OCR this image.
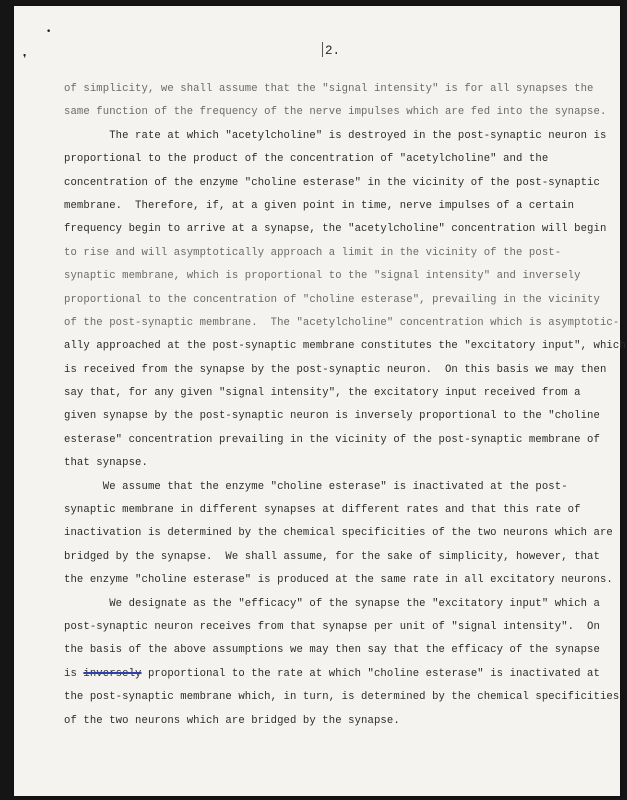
•
❜

2.

of simplicity, we shall assume that the "signal intensity" is for all synapses the
same function of the frequency of the nerve impulses which are fed into the synapse.
The rate at which "acetylcholine" is destroyed in the post-synaptic neuron is
proportional to the product of the concentration of "acetylcholine" and the
concentration of the enzyme "choline esterase" in the vicinity of the post-synaptic
membrane.  Therefore, if, at a given point in time, nerve impulses of a certain
frequency begin to arrive at a synapse, the "acetylcholine" concentration will begin
to rise and will asymptotically approach a limit in the vicinity of the post-
synaptic membrane, which is proportional to the "signal intensity" and inversely
proportional to the concentration of "choline esterase", prevailing in the vicinity
of the post-synaptic membrane.  The "acetylcholine" concentration which is asymptotic-
ally approached at the post-synaptic membrane constitutes the "excitatory input", which
is received from the synapse by the post-synaptic neuron.  On this basis we may then
say that, for any given "signal intensity", the excitatory input received from a
given synapse by the post-synaptic neuron is inversely proportional to the "choline
esterase" concentration prevailing in the vicinity of the post-synaptic membrane of
that synapse.
We assume that the enzyme "choline esterase" is inactivated at the post-
synaptic membrane in different synapses at different rates and that this rate of
inactivation is determined by the chemical specificities of the two neurons which are
bridged by the synapse.  We shall assume, for the sake of simplicity, however, that
the enzyme "choline esterase" is produced at the same rate in all excitatory neurons.
We designate as the "efficacy" of the synapse the "excitatory input" which a
post-synaptic neuron receives from that synapse per unit of "signal intensity".  On
the basis of the above assumptions we may then say that the efficacy of the synapse
is inversely proportional to the rate at which "choline esterase" is inactivated at
the post-synaptic membrane which, in turn, is determined by the chemical specificities
of the two neurons which are bridged by the synapse.
